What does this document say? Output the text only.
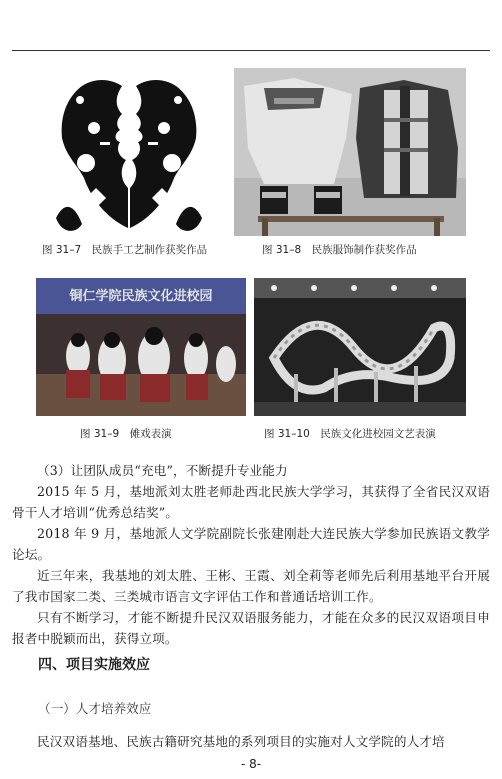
图 31–7　民族手工艺制作获奖作品	图 31–8　民族服饰制作获奖作品
铜仁学院民族文化进校园
图 31–9　傩戏表演	图 31–10　民族文化进校园文艺表演

（3）让团队成员“充电”，不断提升专业能力

2015 年 5 月，基地派刘太胜老师赴西北民族大学学习，其获得了全省民汉双语骨干人才培训“优秀总结奖”。

2018 年 9 月，基地派人文学院副院长张建刚赴大连民族大学参加民族语文教学论坛。

近三年来，我基地的刘太胜、王彬、王霞、刘全莉等老师先后利用基地平台开展了我市国家二类、三类城市语言文字评估工作和普通话培训工作。

只有不断学习，才能不断提升民汉双语服务能力，才能在众多的民汉双语项目申报者中脱颖而出，获得立项。

四、项目实施效应

（一）人才培养效应

民汉双语基地、民族古籍研究基地的系列项目的实施对人文学院的人才培

- 8-
